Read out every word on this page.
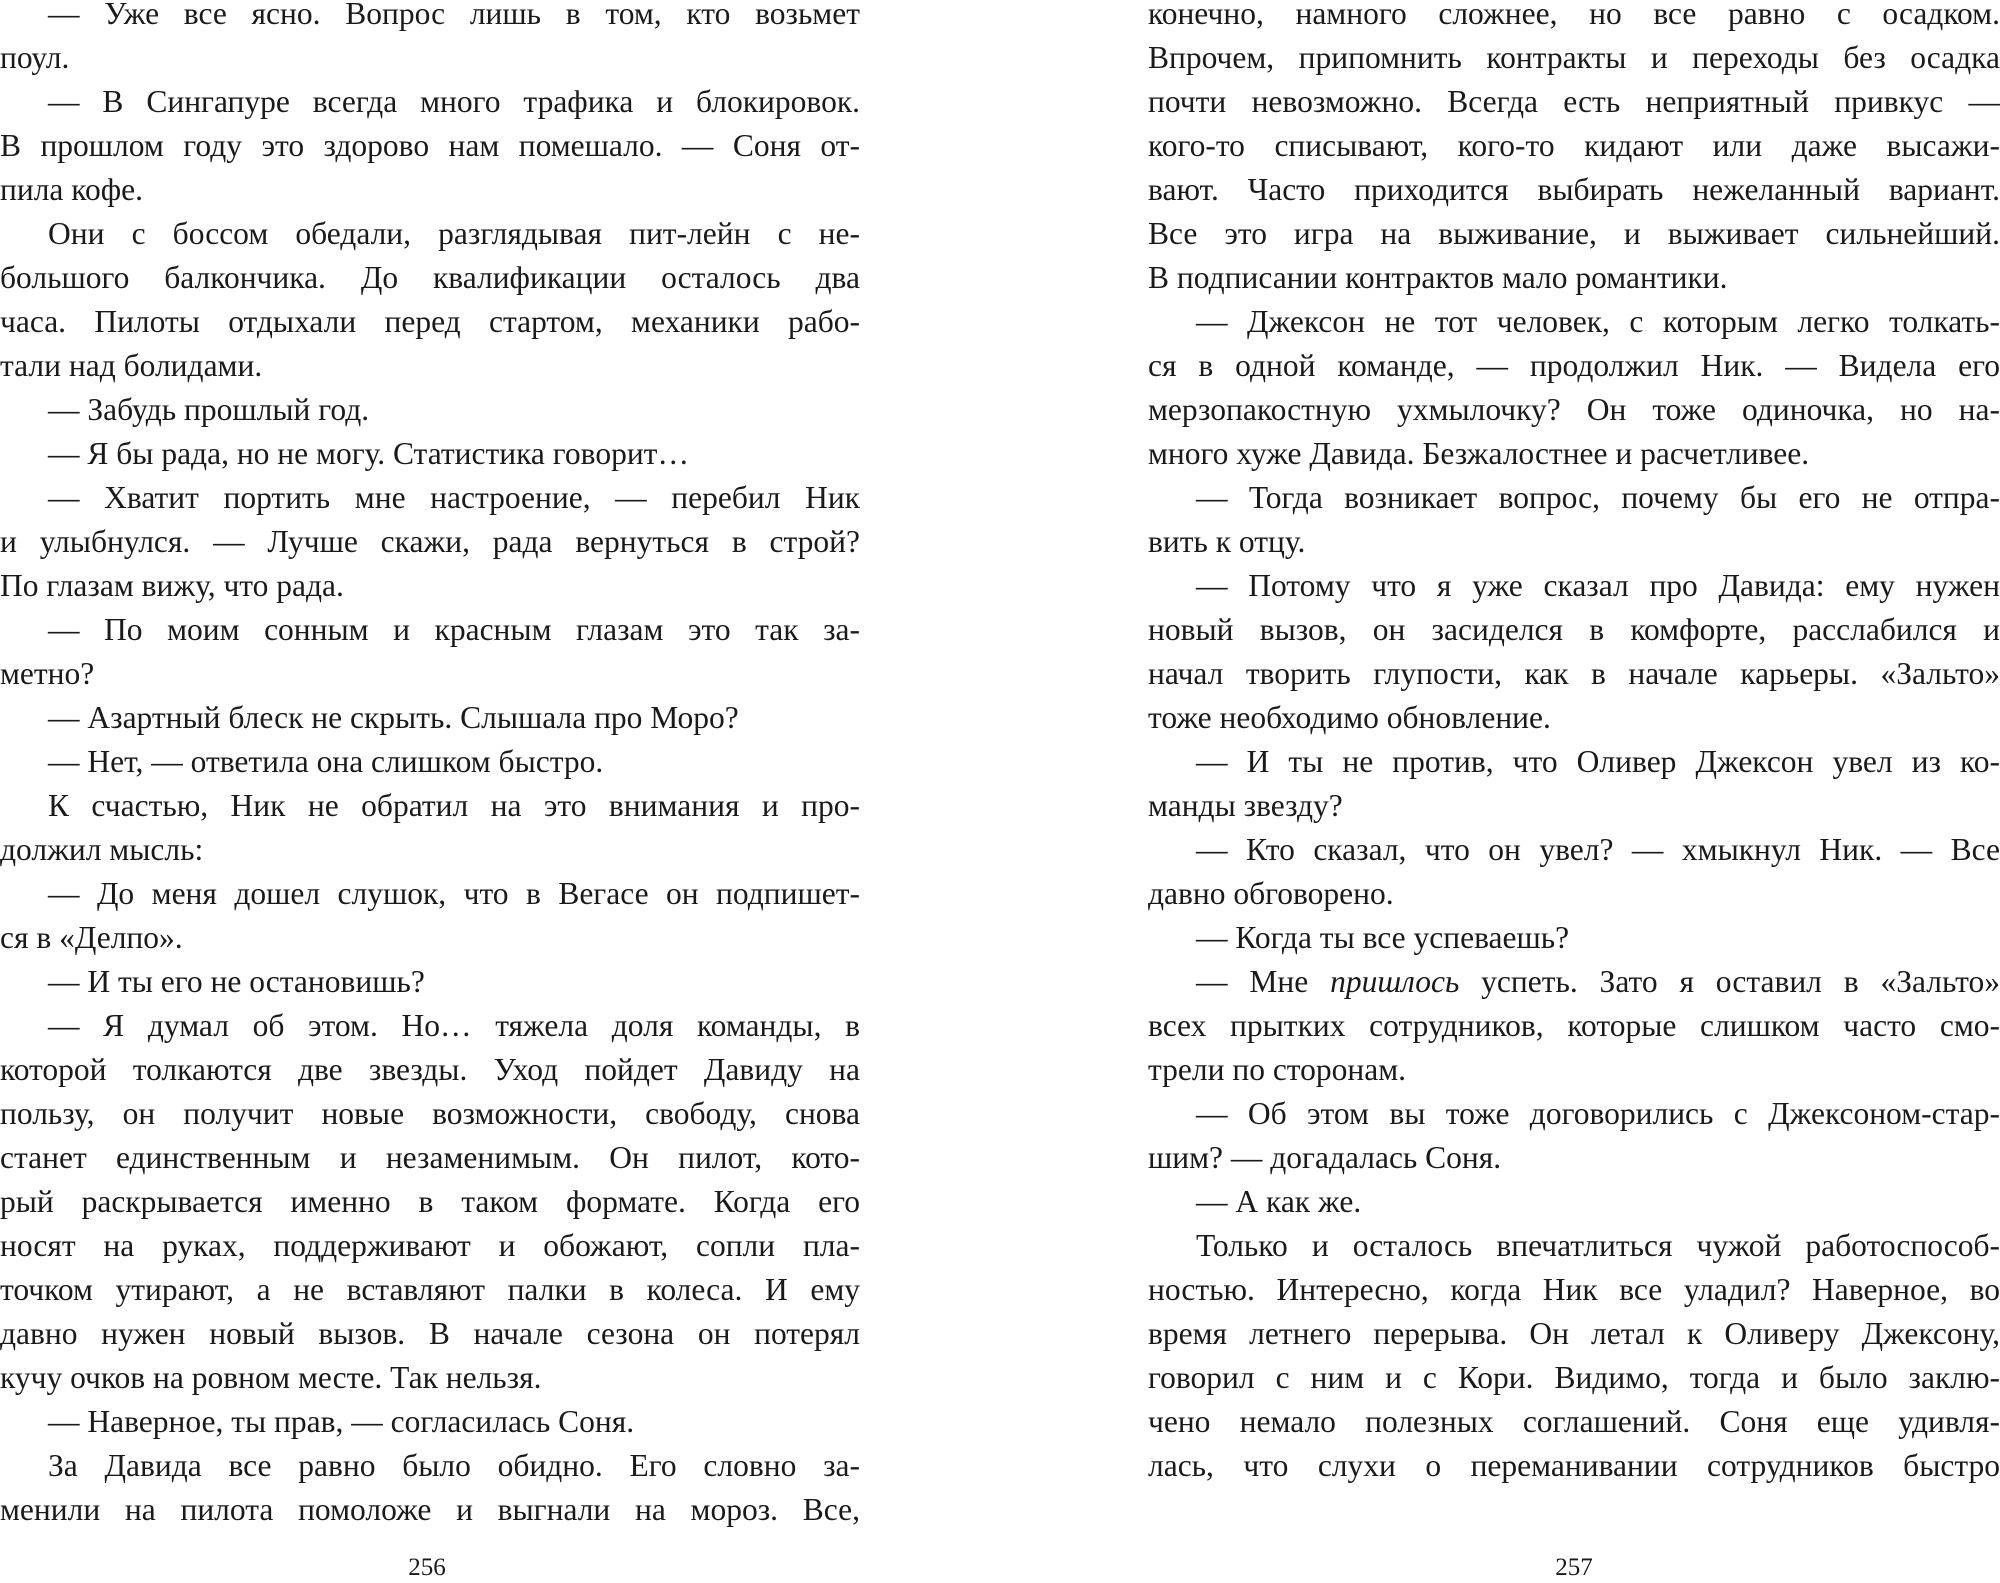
— Уже все ясно. Вопрос лишь в том, кто возьмет
поул.
— В Сингапуре всегда много трафика и блокировок.
В прошлом году это здорово нам помешало. — Соня от-
пила кофе.
Они с боссом обедали, разглядывая пит-лейн с не-
большого балкончика. До квалификации осталось два
часа. Пилоты отдыхали перед стартом, механики рабо-
тали над болидами.
— Забудь прошлый год.
— Я бы рада, но не могу. Статистика говорит…
— Хватит портить мне настроение, — перебил Ник
и улыбнулся. — Лучше скажи, рада вернуться в строй?
По глазам вижу, что рада.
— По моим сонным и красным глазам это так за-
метно?
— Азартный блеск не скрыть. Слышала про Моро?
— Нет, — ответила она слишком быстро.
К счастью, Ник не обратил на это внимания и про-
должил мысль:
— До меня дошел слушок, что в Вегасе он подпишет-
ся в «Делпо».
— И ты его не остановишь?
— Я думал об этом. Но… тяжела доля команды, в
которой толкаются две звезды. Уход пойдет Давиду на
пользу, он получит новые возможности, свободу, снова
станет единственным и незаменимым. Он пилот, кото-
рый раскрывается именно в таком формате. Когда его
носят на руках, поддерживают и обожают, сопли пла-
точком утирают, а не вставляют палки в колеса. И ему
давно нужен новый вызов. В начале сезона он потерял
кучу очков на ровном месте. Так нельзя.
— Наверное, ты прав, — согласилась Соня.
За Давида все равно было обидно. Его словно за-
менили на пилота помоложе и выгнали на мороз. Все,
256
конечно, намного сложнее, но все равно с осадком.
Впрочем, припомнить контракты и переходы без осадка
почти невозможно. Всегда есть неприятный привкус —
кого-то списывают, кого-то кидают или даже высажи-
вают. Часто приходится выбирать нежеланный вариант.
Все это игра на выживание, и выживает сильнейший.
В подписании контрактов мало романтики.
— Джексон не тот человек, с которым легко толкать-
ся в одной команде, — продолжил Ник. — Видела его
мерзопакостную ухмылочку? Он тоже одиночка, но на-
много хуже Давида. Безжалостнее и расчетливее.
— Тогда возникает вопрос, почему бы его не отпра-
вить к отцу.
— Потому что я уже сказал про Давида: ему нужен
новый вызов, он засиделся в комфорте, расслабился и
начал творить глупости, как в начале карьеры. «Зальто»
тоже необходимо обновление.
— И ты не против, что Оливер Джексон увел из ко-
манды звезду?
— Кто сказал, что он увел? — хмыкнул Ник. — Все
давно обговорено.
— Когда ты все успеваешь?
— Мне пришлось успеть. Зато я оставил в «Зальто»
всех прытких сотрудников, которые слишком часто смо-
трели по сторонам.
— Об этом вы тоже договорились с Джексоном-стар-
шим? — догадалась Соня.
— А как же.
Только и осталось впечатлиться чужой работоспособ-
ностью. Интересно, когда Ник все уладил? Наверное, во
время летнего перерыва. Он летал к Оливеру Джексону,
говорил с ним и с Кори. Видимо, тогда и было заклю-
чено немало полезных соглашений. Соня еще удивля-
лась, что слухи о переманивании сотрудников быстро
257
